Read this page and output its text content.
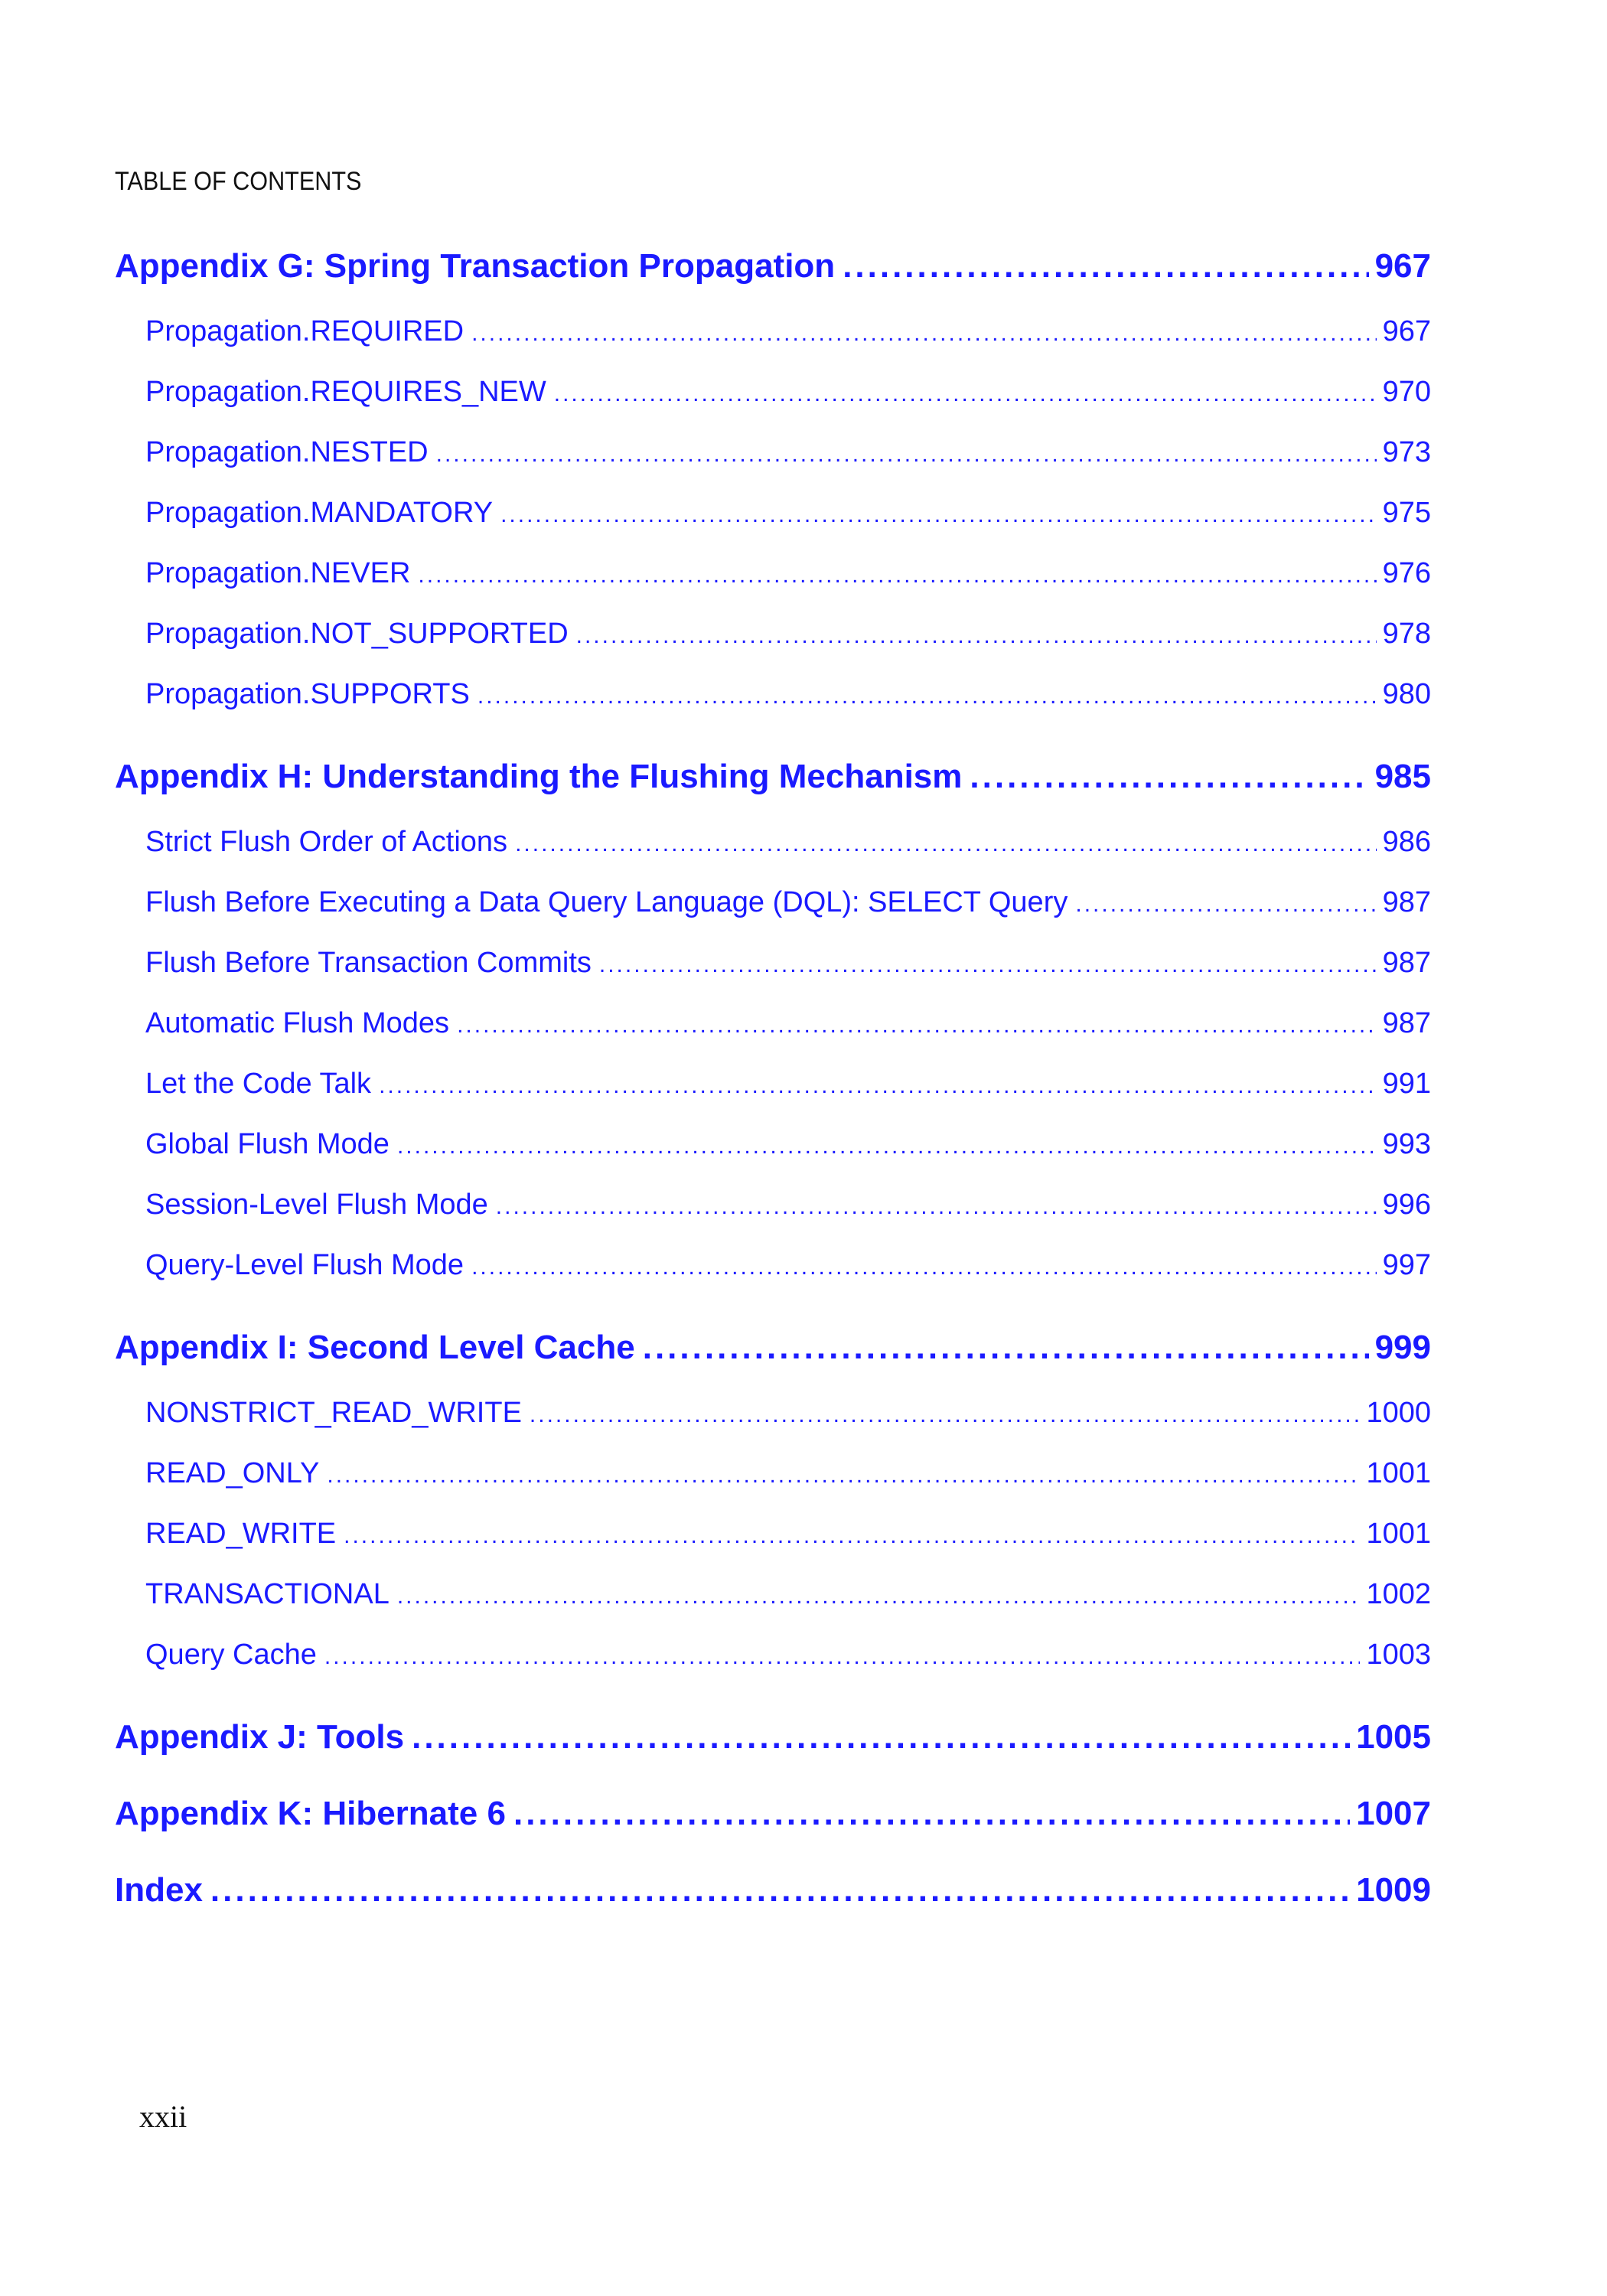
TABLE OF CONTENTS
Appendix G: Spring Transaction Propagation .....	967
Propagation.REQUIRED .....	967
Propagation.REQUIRES_NEW .....	970
Propagation.NESTED .....	973
Propagation.MANDATORY .....	975
Propagation.NEVER .....	976
Propagation.NOT_SUPPORTED .....	978
Propagation.SUPPORTS .....	980
Appendix H: Understanding the Flushing Mechanism .....	985
Strict Flush Order of Actions .....	986
Flush Before Executing a Data Query Language (DQL): SELECT Query .....	987
Flush Before Transaction Commits .....	987
Automatic Flush Modes .....	987
Let the Code Talk .....	991
Global Flush Mode .....	993
Session-Level Flush Mode .....	996
Query-Level Flush Mode .....	997
Appendix I: Second Level Cache .....	999
NONSTRICT_READ_WRITE .....	1000
READ_ONLY .....	1001
READ_WRITE .....	1001
TRANSACTIONAL .....	1002
Query Cache .....	1003
Appendix J: Tools .....	1005
Appendix K: Hibernate 6 .....	1007
Index .....	1009
xxii
